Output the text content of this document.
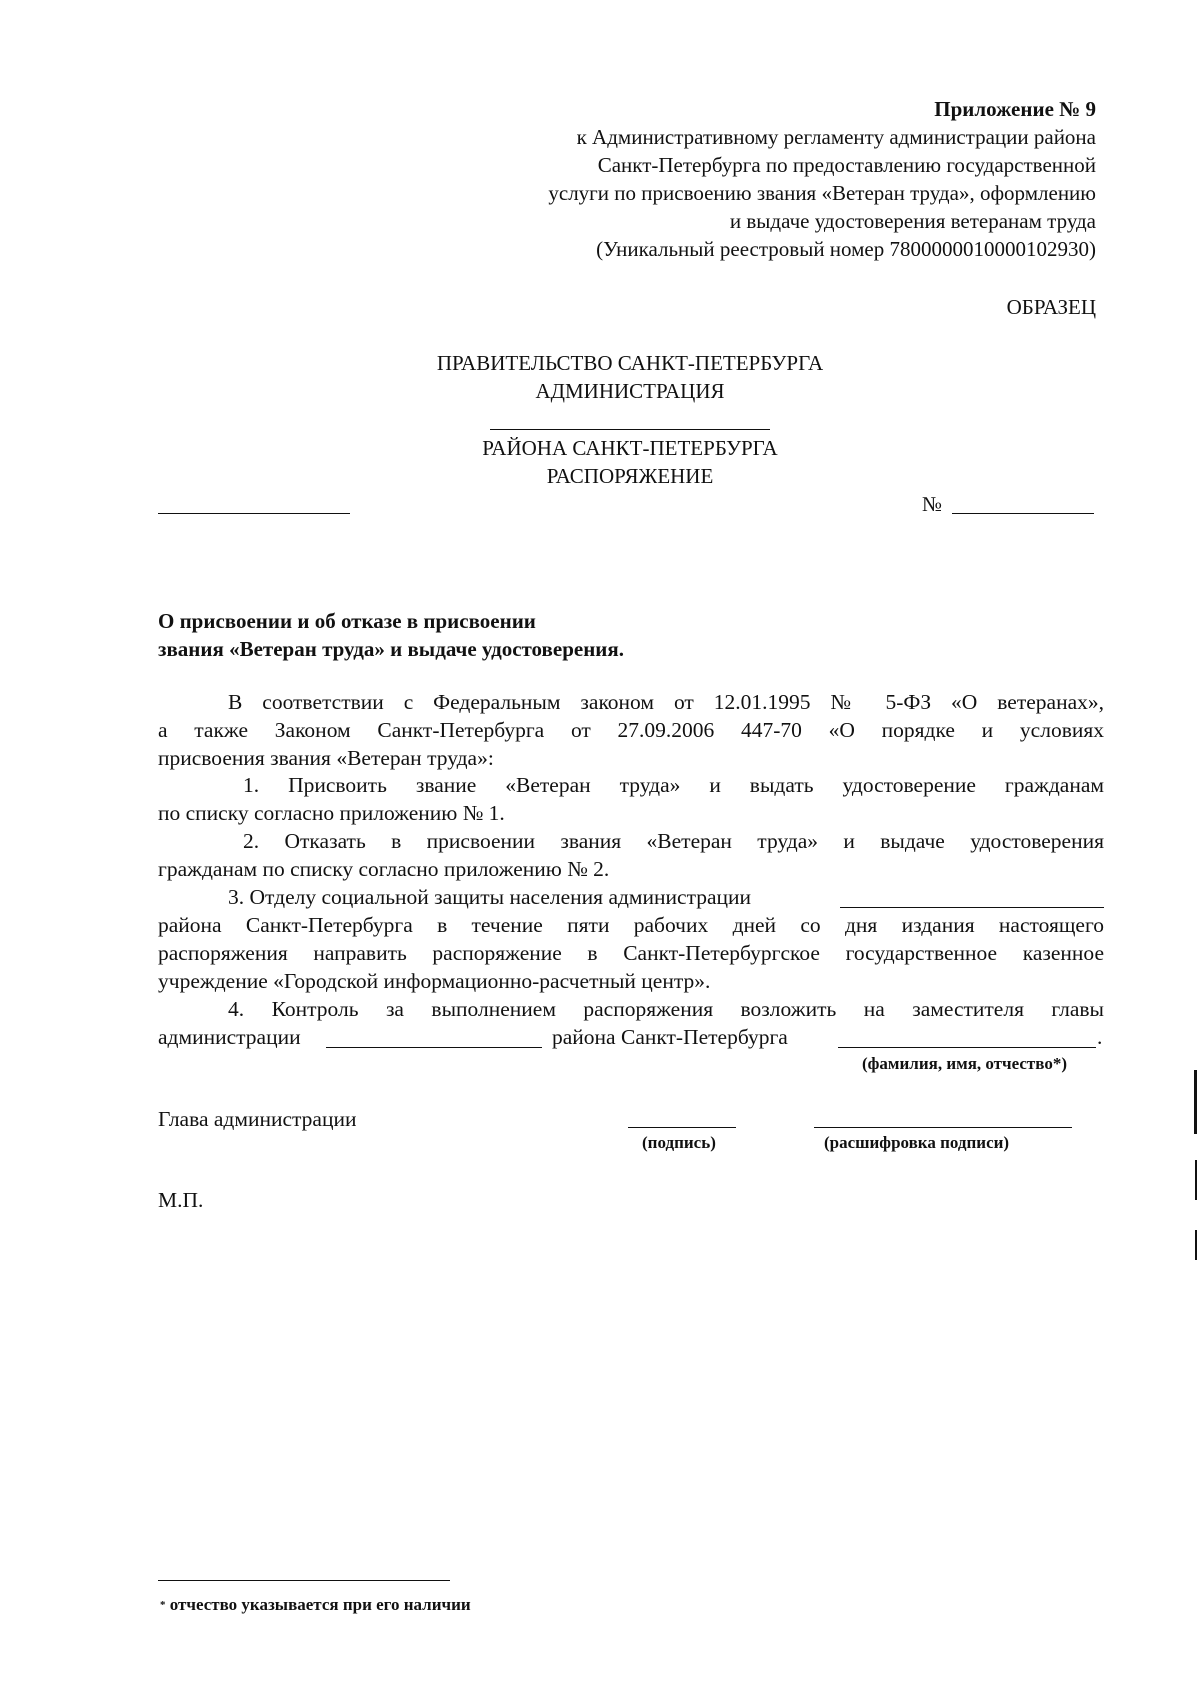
Приложение № 9
к Административному регламенту администрации района
Санкт-Петербурга по предоставлению государственной
услуги по присвоению звания «Ветеран труда», оформлению
и выдаче удостоверения ветеранам труда
(Уникальный реестровый номер 7800000010000102930)
ОБРАЗЕЦ
ПРАВИТЕЛЬСТВО САНКТ-ПЕТЕРБУРГА
АДМИНИСТРАЦИЯ
РАЙОНА САНКТ-ПЕТЕРБУРГА
РАСПОРЯЖЕНИЕ
№
О присвоении и об отказе в присвоении
звания «Ветеран труда» и выдаче удостоверения.
В соответствии с Федеральным законом от 12.01.1995 № 5-ФЗ «О ветеранах»,
а также Законом Санкт-Петербурга от 27.09.2006 447-70 «О порядке и условиях
присвоения звания «Ветеран труда»:
1. Присвоить звание «Ветеран труда» и выдать удостоверение гражданам
по списку согласно приложению № 1.
2. Отказать в присвоении звания «Ветеран труда» и выдаче удостоверения
гражданам по списку согласно приложению № 2.
3. Отделу социальной защиты населения администрации
района Санкт-Петербурга в течение пяти рабочих дней со дня издания настоящего
распоряжения направить распоряжение в Санкт-Петербургское государственное казенное
учреждение «Городской информационно-расчетный центр».
4. Контроль за выполнением распоряжения возложить на заместителя главы
администрации	района Санкт-Петербурга	.
(фамилия, имя, отчество*)
Глава администрации
(подпись)	(расшифровка подписи)
М.П.
* отчество указывается при его наличии
